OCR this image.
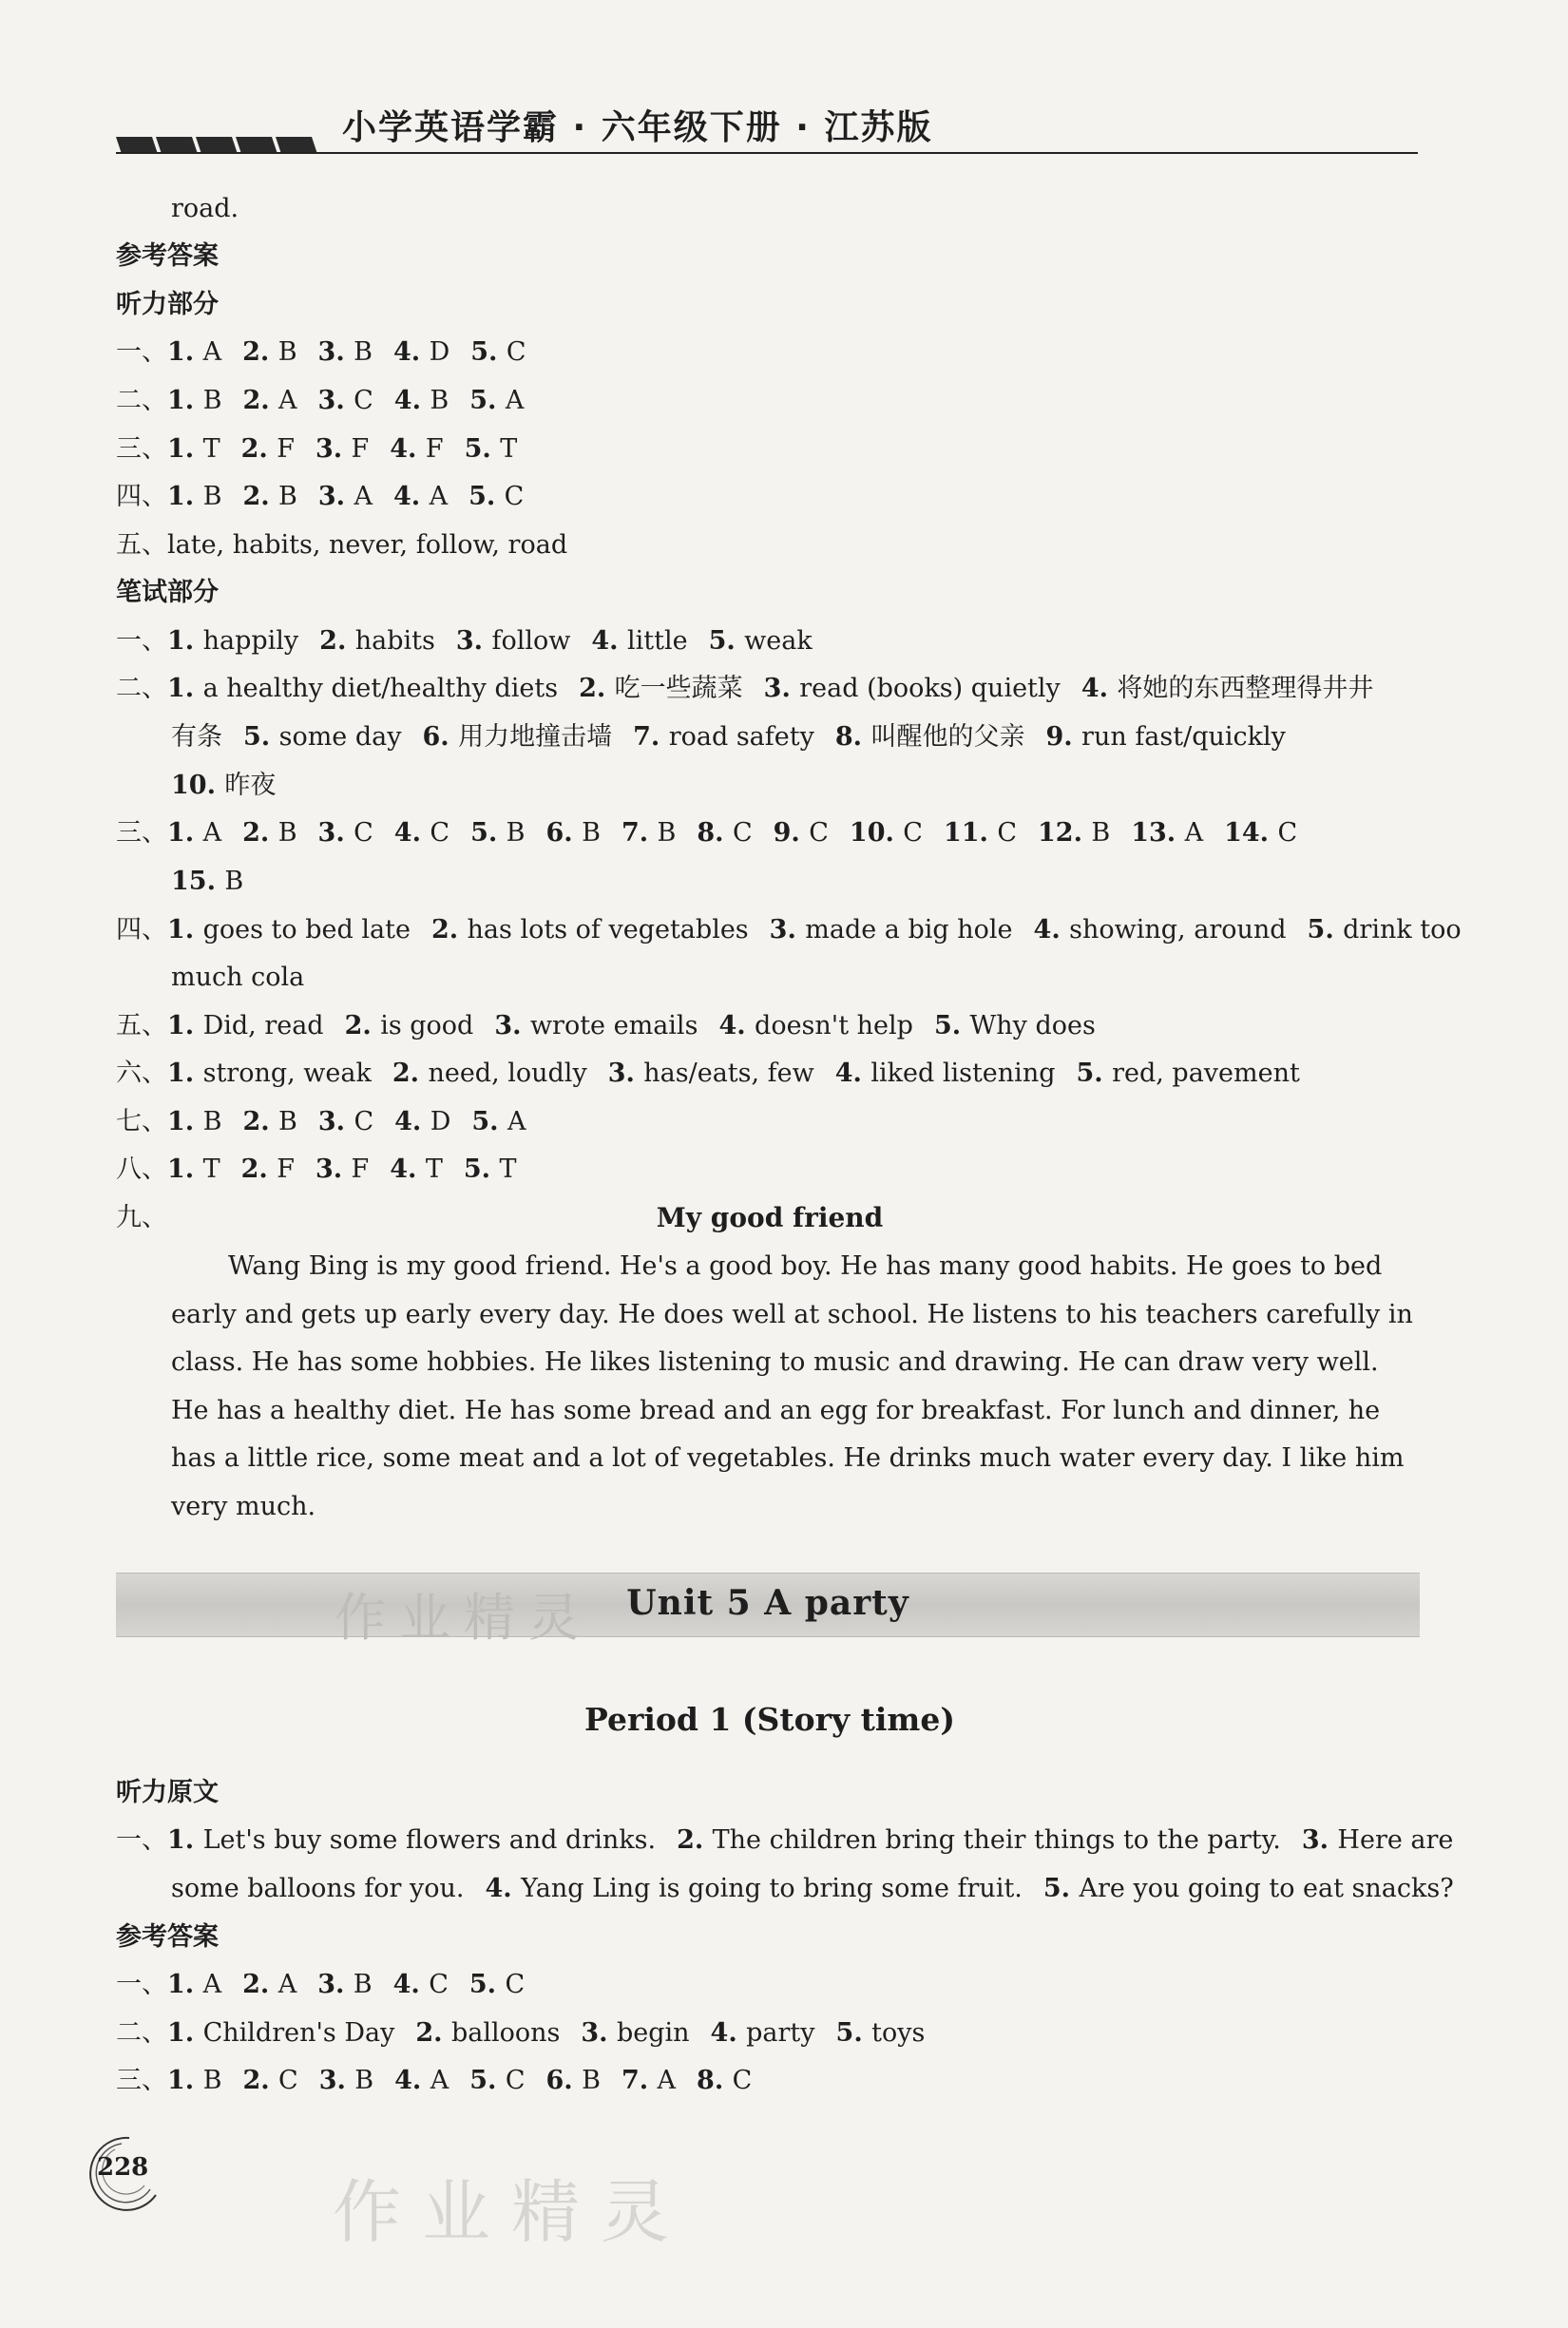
小学英语学霸 · 六年级下册 · 江苏版
road.
参考答案
听力部分
一、1. A 2. B 3. B 4. D 5. C
二、1. B 2. A 3. C 4. B 5. A
三、1. T 2. F 3. F 4. F 5. T
四、1. B 2. B 3. A 4. A 5. C
五、late, habits, never, follow, road
笔试部分
一、1. happily 2. habits 3. follow 4. little 5. weak
二、1. a healthy diet/healthy diets 2. 吃一些蔬菜 3. read (books) quietly 4. 将她的东西整理得井井
有条 5. some day 6. 用力地撞击墙 7. road safety 8. 叫醒他的父亲 9. run fast/quickly
10. 昨夜
三、1. A 2. B 3. C 4. C 5. B 6. B 7. B 8. C 9. C 10. C 11. C 12. B 13. A 14. C
15. B
四、1. goes to bed late 2. has lots of vegetables 3. made a big hole 4. showing, around 5. drink too
much cola
五、1. Did, read 2. is good 3. wrote emails 4. doesn't help 5. Why does
六、1. strong, weak 2. need, loudly 3. has/eats, few 4. liked listening 5. red, pavement
七、1. B 2. B 3. C 4. D 5. A
八、1. T 2. F 3. F 4. T 5. T
九、	My good friend
Wang Bing is my good friend. He's a good boy. He has many good habits. He goes to bed early and gets up early every day. He does well at school. He listens to his teachers carefully in class. He has some hobbies. He likes listening to music and drawing. He can draw very well. He has a healthy diet. He has some bread and an egg for breakfast. For lunch and dinner, he has a little rice, some meat and a lot of vegetables. He drinks much water every day. I like him very much.
作业精灵 Unit 5 A party
Period 1 (Story time)
听力原文
一、1. Let's buy some flowers and drinks. 2. The children bring their things to the party. 3. Here are
some balloons for you. 4. Yang Ling is going to bring some fruit. 5. Are you going to eat snacks?
参考答案
一、1. A 2. A 3. B 4. C 5. C
二、1. Children's Day 2. balloons 3. begin 4. party 5. toys
三、1. B 2. C 3. B 4. A 5. C 6. B 7. A 8. C
228
作业精灵
